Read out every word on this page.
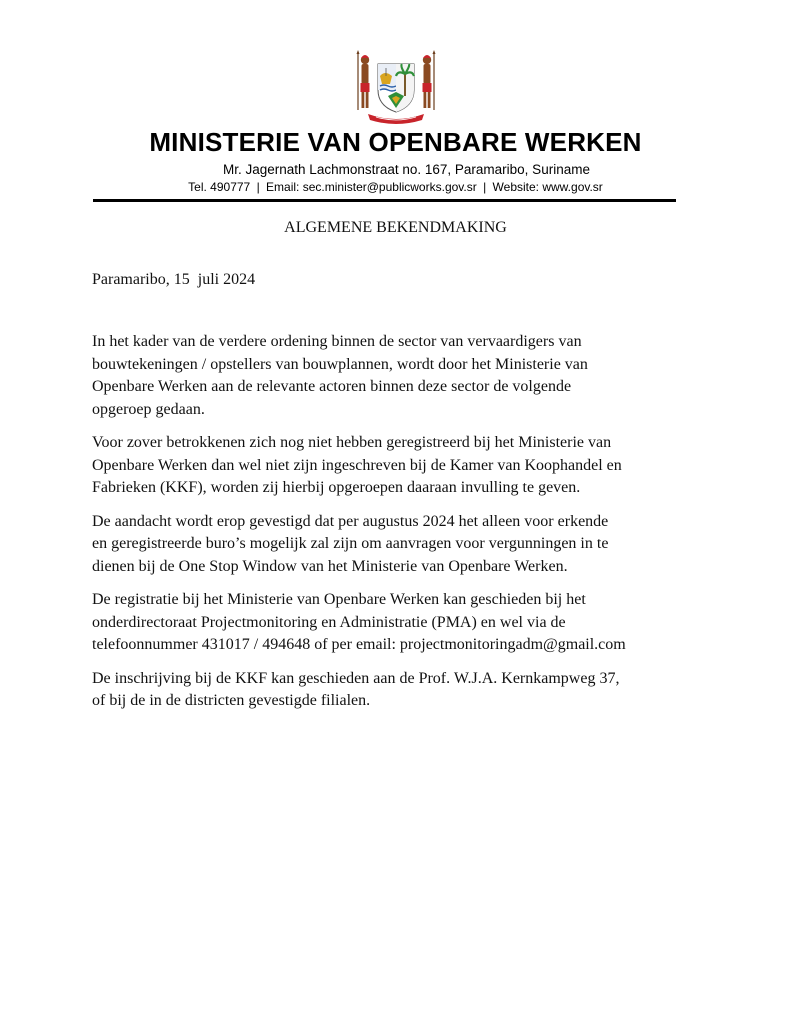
MINISTERIE VAN OPENBARE WERKEN
Mr. Jagernath Lachmonstraat no. 167, Paramaribo, Suriname
Tel. 490777 | Email: sec.minister@publicworks.gov.sr | Website: www.gov.sr
ALGEMENE BEKENDMAKING
Paramaribo, 15  juli 2024

In het kader van de verdere ordening binnen de sector van vervaardigers van
bouwtekeningen / opstellers van bouwplannen, wordt door het Ministerie van
Openbare Werken aan de relevante actoren binnen deze sector de volgende
opgeroep gedaan.

Voor zover betrokkenen zich nog niet hebben geregistreerd bij het Ministerie van
Openbare Werken dan wel niet zijn ingeschreven bij de Kamer van Koophandel en
Fabrieken (KKF), worden zij hierbij opgeroepen daaraan invulling te geven.

De aandacht wordt erop gevestigd dat per augustus 2024 het alleen voor erkende
en geregistreerde buro’s mogelijk zal zijn om aanvragen voor vergunningen in te
dienen bij de One Stop Window van het Ministerie van Openbare Werken.

De registratie bij het Ministerie van Openbare Werken kan geschieden bij het
onderdirectoraat Projectmonitoring en Administratie (PMA) en wel via de
telefoonnummer 431017 / 494648 of per email: projectmonitoringadm@gmail.com

De inschrijving bij de KKF kan geschieden aan de Prof. W.J.A. Kernkampweg 37,
of bij de in de districten gevestigde filialen.
